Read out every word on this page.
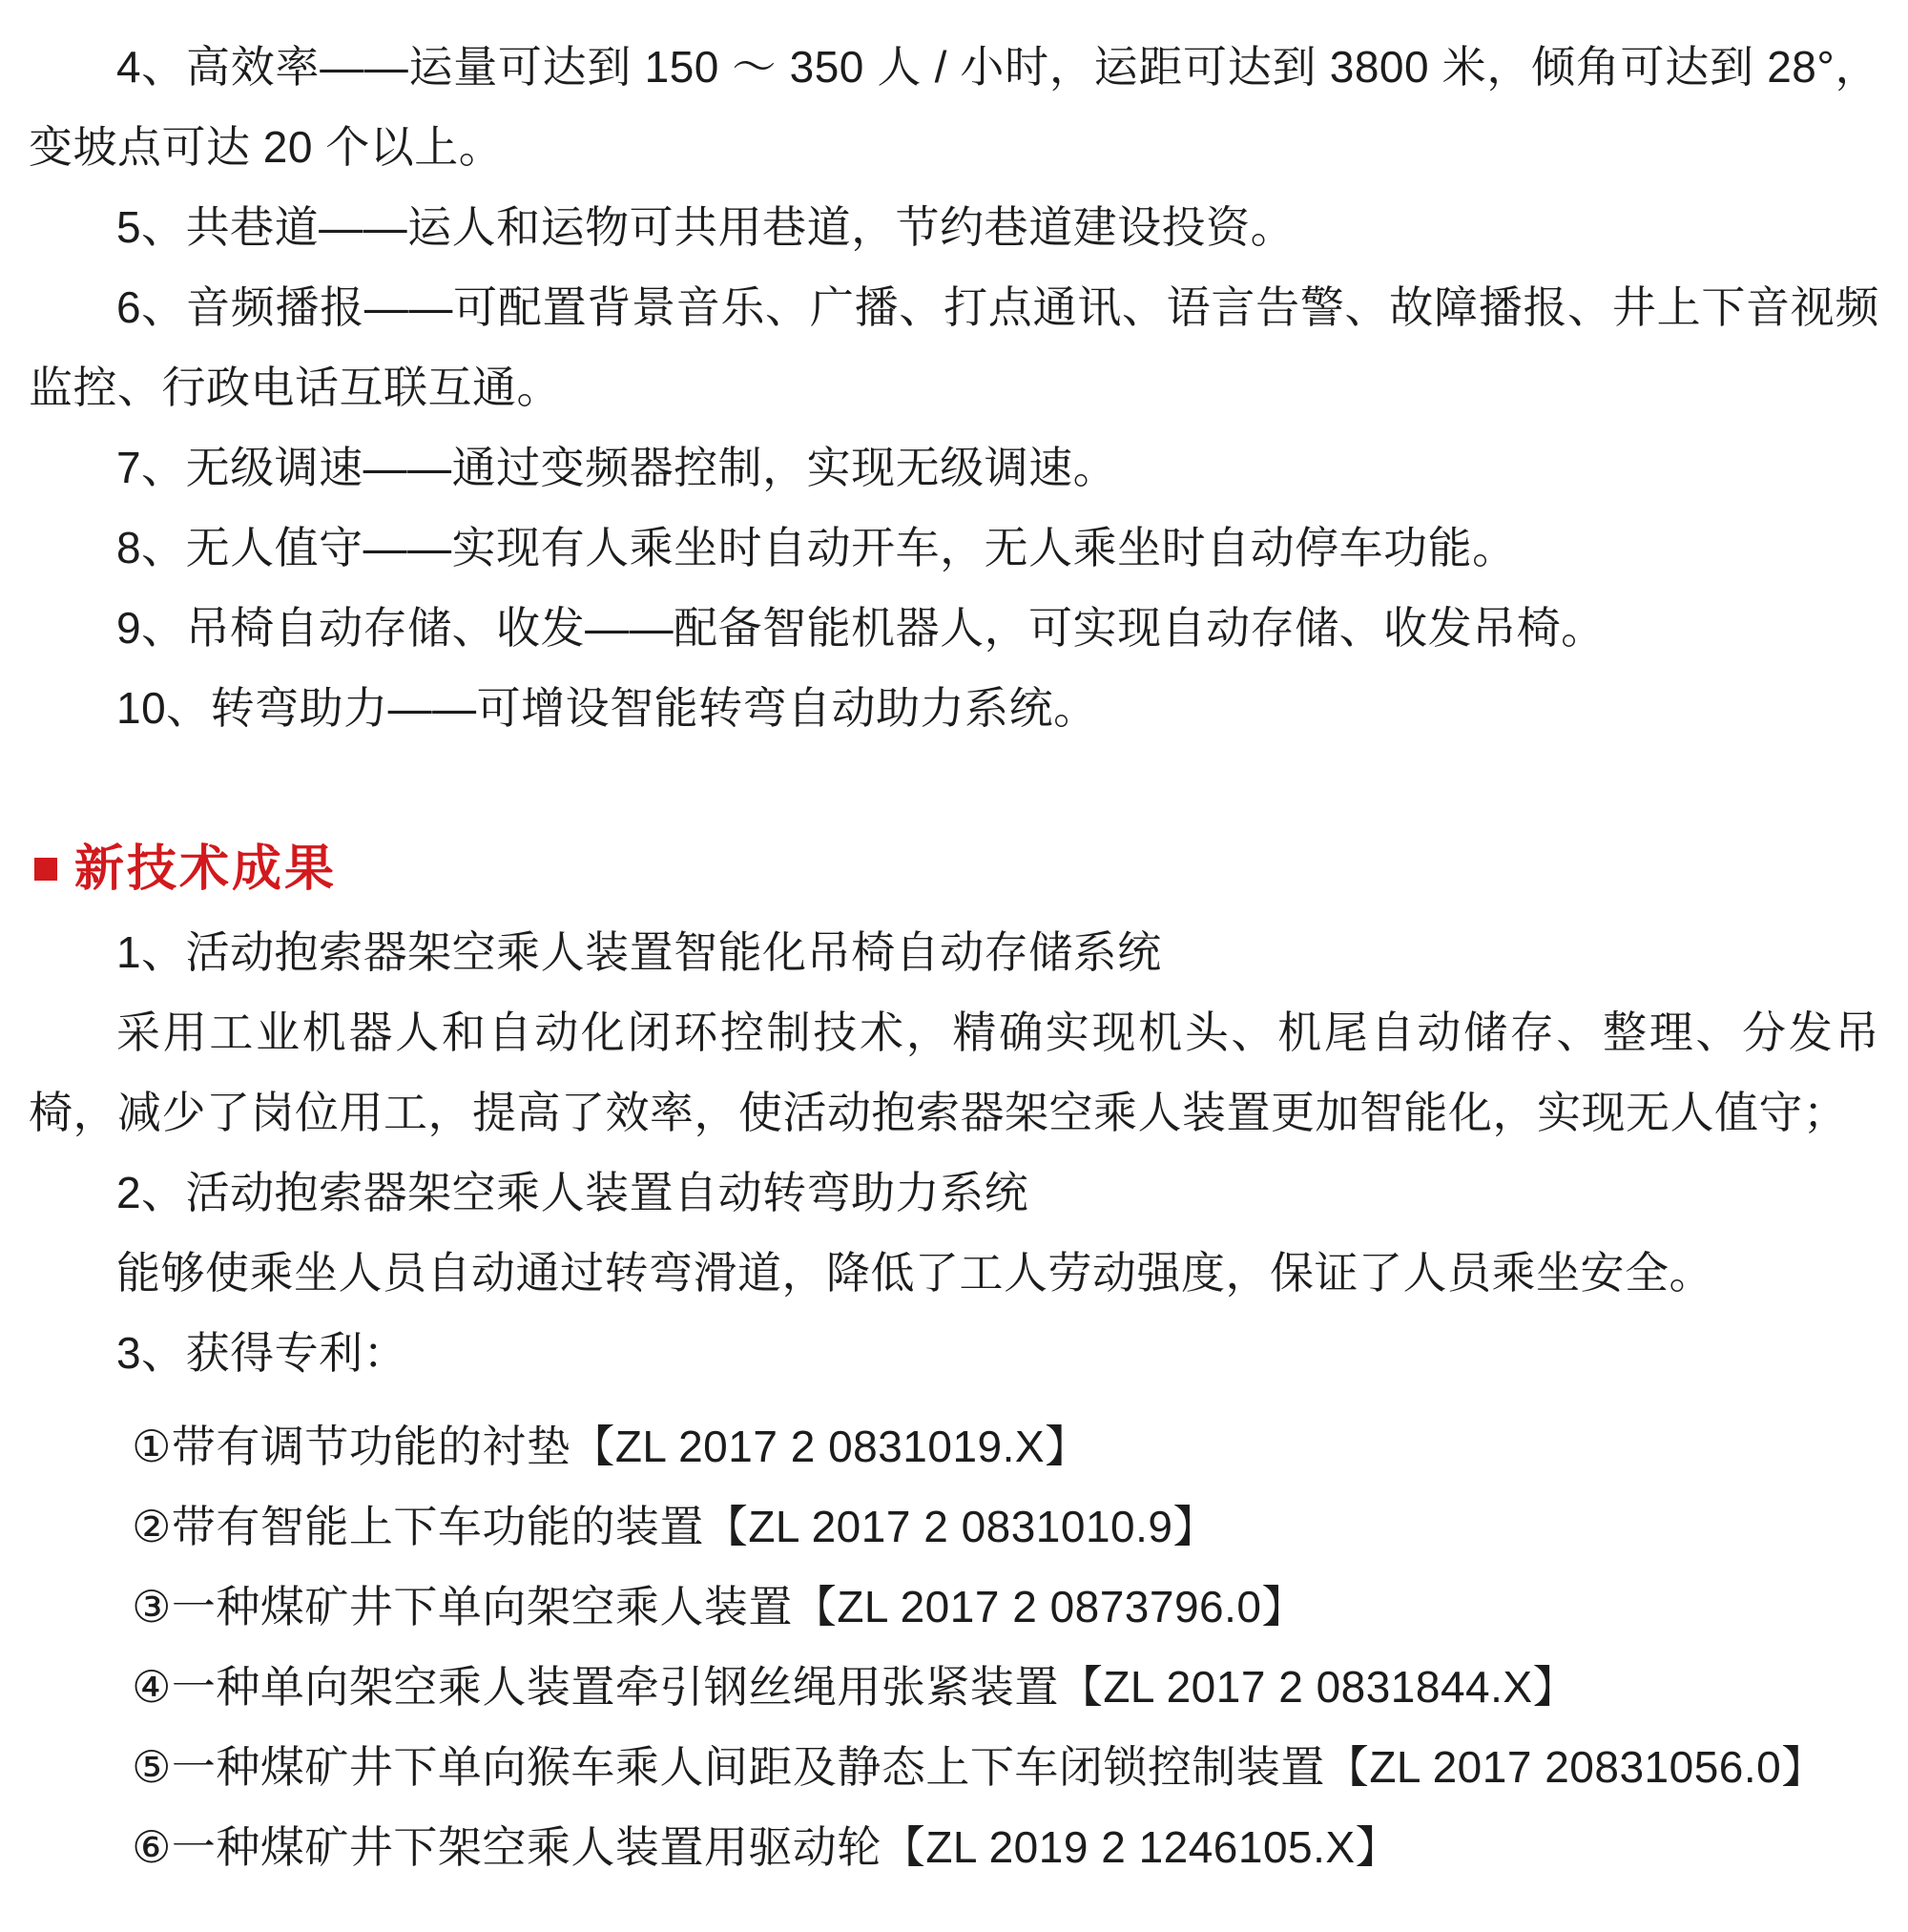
4、高效率——运量可达到 150 ～ 350 人 / 小时，运距可达到 3800 米，倾角可达到 28°，变坡点可达 20 个以上。

5、共巷道——运人和运物可共用巷道，节约巷道建设投资。

6、音频播报——可配置背景音乐、广播、打点通讯、语言告警、故障播报、井上下音视频监控、行政电话互联互通。

7、无级调速——通过变频器控制，实现无级调速。

8、无人值守——实现有人乘坐时自动开车，无人乘坐时自动停车功能。

9、吊椅自动存储、收发——配备智能机器人，可实现自动存储、收发吊椅。

10、转弯助力——可增设智能转弯自动助力系统。

新技术成果

1、活动抱索器架空乘人装置智能化吊椅自动存储系统

采用工业机器人和自动化闭环控制技术，精确实现机头、机尾自动储存、整理、分发吊椅，减少了岗位用工，提高了效率，使活动抱索器架空乘人装置更加智能化，实现无人值守；

2、活动抱索器架空乘人装置自动转弯助力系统

能够使乘坐人员自动通过转弯滑道，降低了工人劳动强度，保证了人员乘坐安全。

3、获得专利：

①带有调节功能的衬垫【ZL 2017 2 0831019.X】

②带有智能上下车功能的装置【ZL 2017 2 0831010.9】

③一种煤矿井下单向架空乘人装置【ZL 2017 2 0873796.0】

④一种单向架空乘人装置牵引钢丝绳用张紧装置【ZL 2017 2 0831844.X】

⑤一种煤矿井下单向猴车乘人间距及静态上下车闭锁控制装置【ZL 2017 20831056.0】

⑥一种煤矿井下架空乘人装置用驱动轮【ZL 2019 2 1246105.X】
